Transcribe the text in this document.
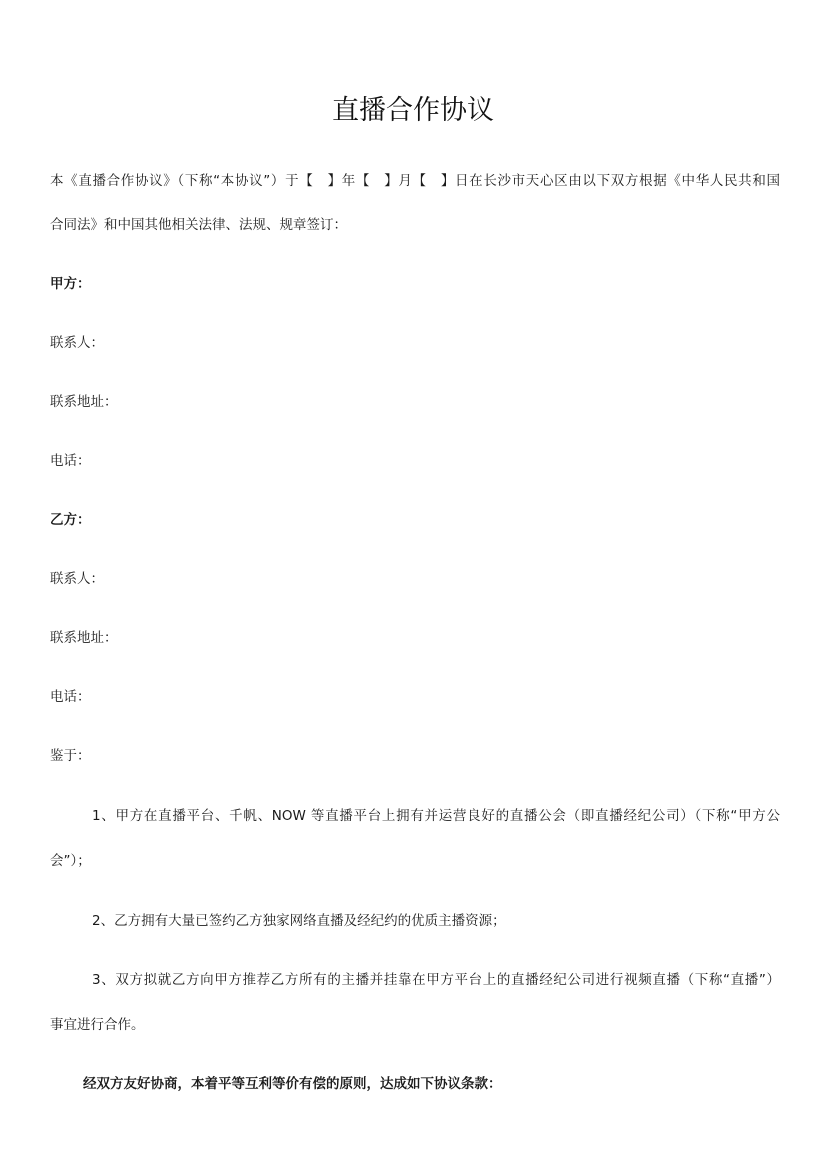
直播合作协议

本《直播合作协议》（下称“本协议”）于【　】年【　】月【　】日在长沙市天心区由以下双方根据《中华人民共和国

合同法》和中国其他相关法律、法规、规章签订：

甲方：

联系人：

联系地址：

电话：

乙方：

联系人：

联系地址：

电话：

鉴于：

1、甲方在直播平台、千帆、NOW 等直播平台上拥有并运营良好的直播公会（即直播经纪公司）（下称“甲方公

会”）；

2、乙方拥有大量已签约乙方独家网络直播及经纪约的优质主播资源；

3、双方拟就乙方向甲方推荐乙方所有的主播并挂靠在甲方平台上的直播经纪公司进行视频直播（下称“直播”）

事宜进行合作。

经双方友好协商，本着平等互利等价有偿的原则，达成如下协议条款：
